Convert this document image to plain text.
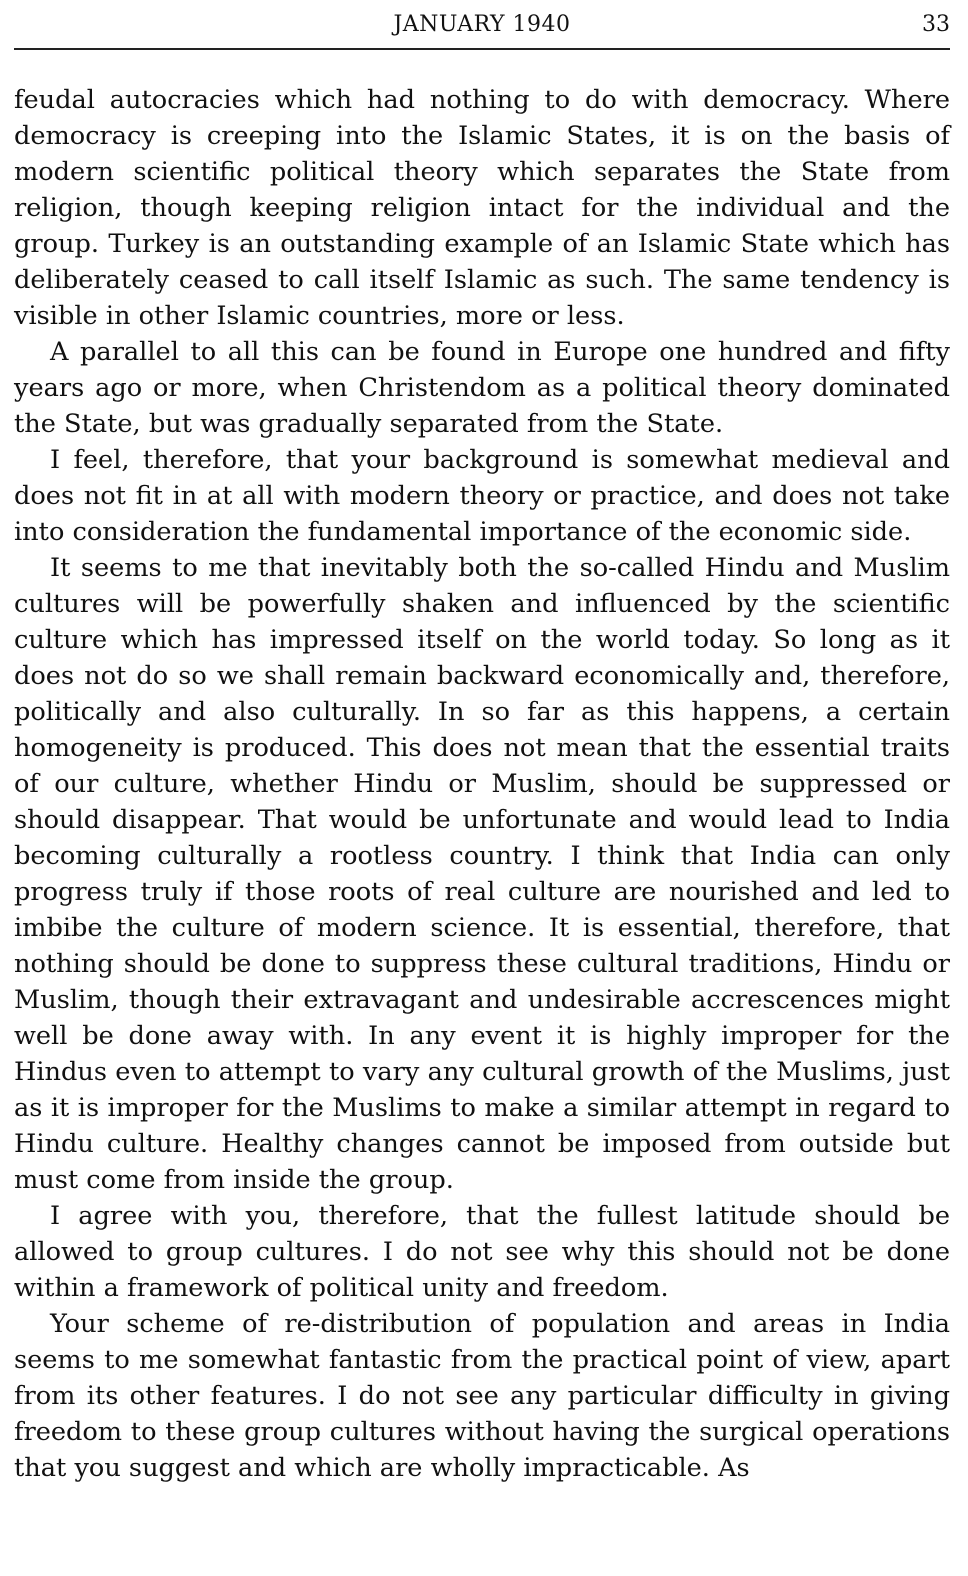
JANUARY 1940	33

feudal autocracies which had nothing to do with democracy. Where democracy is creeping into the Islamic States, it is on the basis of modern scientific political theory which separates the State from religion, though keeping religion intact for the individual and the group. Turkey is an outstanding example of an Islamic State which has deliberately ceased to call itself Islamic as such. The same tendency is visible in other Islamic countries, more or less.

A parallel to all this can be found in Europe one hundred and fifty years ago or more, when Christendom as a political theory dominated the State, but was gradually separated from the State.

I feel, therefore, that your background is somewhat medieval and does not fit in at all with modern theory or practice, and does not take into consideration the fundamental importance of the economic side.

It seems to me that inevitably both the so-called Hindu and Muslim cultures will be powerfully shaken and influenced by the scientific culture which has impressed itself on the world today. So long as it does not do so we shall remain backward economically and, therefore, politically and also culturally. In so far as this happens, a certain homogeneity is produced. This does not mean that the essential traits of our culture, whether Hindu or Muslim, should be suppressed or should disappear. That would be unfortunate and would lead to India becoming culturally a rootless country. I think that India can only progress truly if those roots of real culture are nourished and led to imbibe the culture of modern science. It is essential, therefore, that nothing should be done to suppress these cultural traditions, Hindu or Muslim, though their extravagant and undesirable accrescences might well be done away with. In any event it is highly improper for the Hindus even to attempt to vary any cultural growth of the Muslims, just as it is improper for the Muslims to make a similar attempt in regard to Hindu culture. Healthy changes cannot be imposed from outside but must come from inside the group.

I agree with you, therefore, that the fullest latitude should be allowed to group cultures. I do not see why this should not be done within a framework of political unity and freedom.

Your scheme of re-distribution of population and areas in India seems to me somewhat fantastic from the practical point of view, apart from its other features. I do not see any particular difficulty in giving freedom to these group cultures without having the surgical operations that you suggest and which are wholly impracticable. As
